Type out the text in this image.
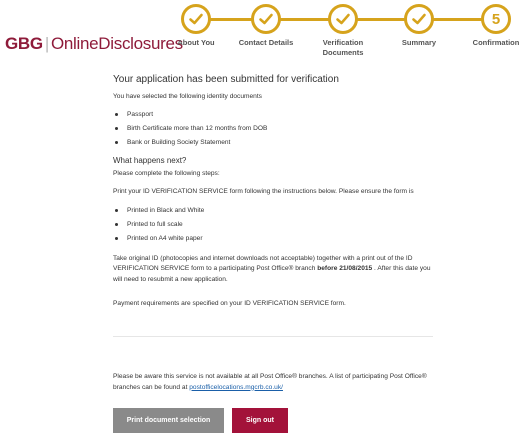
GBG | OnlineDisclosures
About You	Contact Details	Verification Documents
Summary
5
Confirmation
Your application has been submitted for verification
You have selected the following identity documents
Passport
Birth Certificate more than 12 months from DOB
Bank or Building Society Statement
What happens next?
Please complete the following steps:
Print your ID VERIFICATION SERVICE form following the instructions below. Please ensure the form is
Printed in Black and White
Printed to full scale
Printed on A4 white paper
Take original ID (photocopies and internet downloads not acceptable) together with a print out of the ID VERIFICATION SERVICE form to a participating Post Office® branch before 21/08/2015 . After this date you will need to resubmit a new application.
Payment requirements are specified on your ID VERIFICATION SERVICE form.
Please be aware this service is not available at all Post Office® branches. A list of participating Post Office® branches can be found at postofficelocations.mgcrb.co.uk/
Print document selection	Sign out
